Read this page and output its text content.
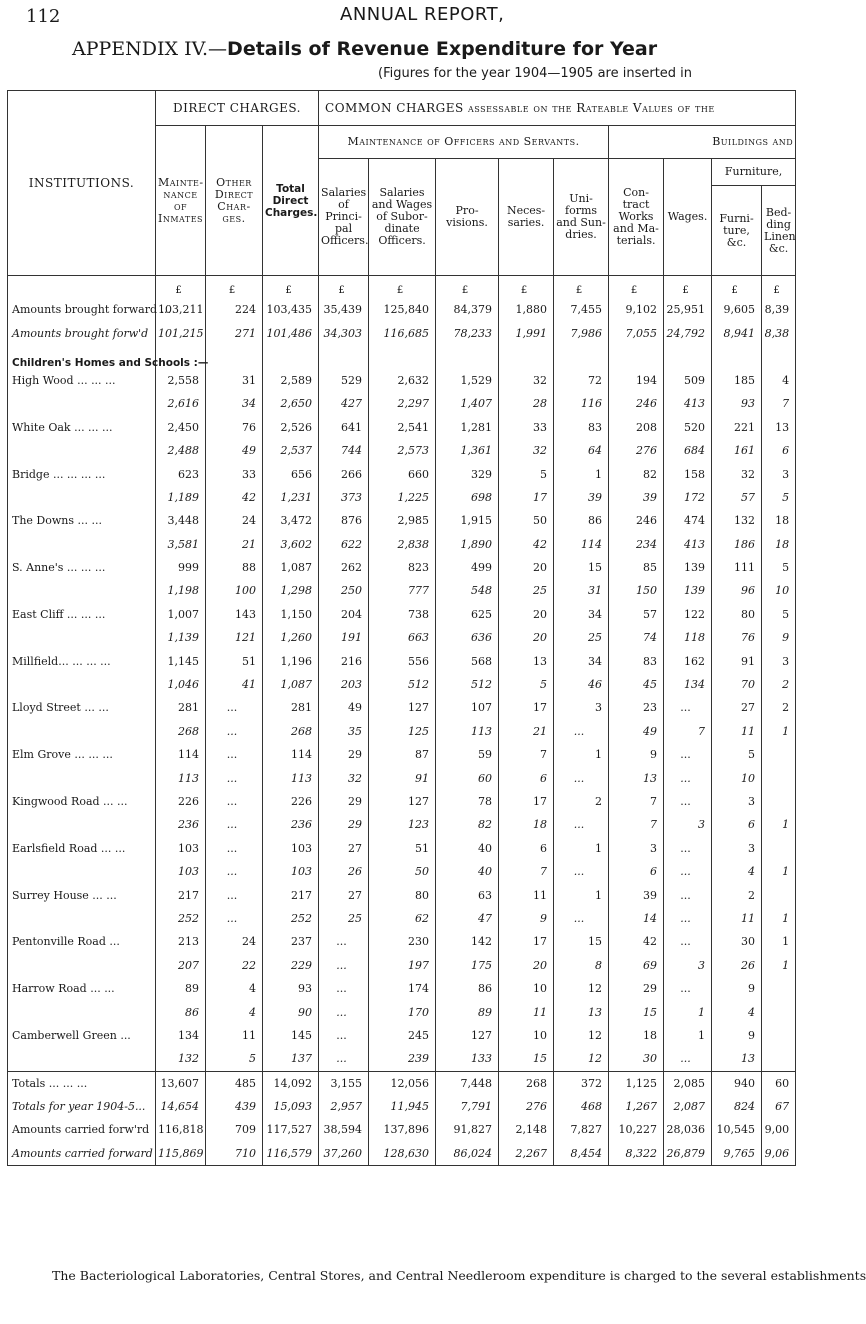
112	ANNUAL REPORT,
APPENDIX IV.—Details of Revenue Expenditure for Year
(Figures for the year 1904—1905 are inserted in
INSTITUTIONS.	DIRECT CHARGES.			COMMON CHARGES assessable on the Rateable Values of the								
	Mainte-nance of Inmates	Other Direct Char-ges.	Total Direct Charges.	Maintenance of Officers and Servants.					Buildings and			
				Salaries of Princi-pal Officers.	Salaries and Wages of Subor-dinate Officers.	Pro-visions.	Neces-saries.	Uni-forms and Sun-dries.	Con-tract Works and Ma-terials.	Wages.	Furniture,	
											Furni-ture, &c.	Bed-ding Linen &c.
	£	£	£	£	£	£	£	£	£	£	£	£
Amounts brought forward ...	103,211	224	103,435	35,439	125,840	84,379	1,880	7,455	9,102	25,951	9,605	8,39
Amounts brought forw'd	101,215	271	101,486	34,303	116,685	78,233	1,991	7,986	7,055	24,792	8,941	8,38
Children's Homes and Schools :—												
High Wood ... ... ...	2,558	31	2,589	529	2,632	1,529	32	72	194	509	185	4
	2,616	34	2,650	427	2,297	1,407	28	116	246	413	93	7
White Oak ... ... ...	2,450	76	2,526	641	2,541	1,281	33	83	208	520	221	13
	2,488	49	2,537	744	2,573	1,361	32	64	276	684	161	6
Bridge ... ... ... ...	623	33	656	266	660	329	5	1	82	158	32	3
	1,189	42	1,231	373	1,225	698	17	39	39	172	57	5
The Downs ... ...	3,448	24	3,472	876	2,985	1,915	50	86	246	474	132	18
	3,581	21	3,602	622	2,838	1,890	42	114	234	413	186	18
S. Anne's ... ... ...	999	88	1,087	262	823	499	20	15	85	139	111	5
	1,198	100	1,298	250	777	548	25	31	150	139	96	10
East Cliff ... ... ...	1,007	143	1,150	204	738	625	20	34	57	122	80	5
	1,139	121	1,260	191	663	636	20	25	74	118	76	9
Millfield... ... ... ...	1,145	51	1,196	216	556	568	13	34	83	162	91	3
	1,046	41	1,087	203	512	512	5	46	45	134	70	2
Lloyd Street ... ...	281	...	281	49	127	107	17	3	23	...	27	2
	268	...	268	35	125	113	21	...	49	7	11	1
Elm Grove ... ... ...	114	...	114	29	87	59	7	1	9	...	5	
	113	...	113	32	91	60	6	...	13	...	10	
Kingwood Road ... ...	226	...	226	29	127	78	17	2	7	...	3	
	236	...	236	29	123	82	18	...	7	3	6	1
Earlsfield Road ... ...	103	...	103	27	51	40	6	1	3	...	3	
	103	...	103	26	50	40	7	...	6	...	4	1
Surrey House ... ...	217	...	217	27	80	63	11	1	39	...	2	
	252	...	252	25	62	47	9	...	14	...	11	1
Pentonville Road ...	213	24	237	...	230	142	17	15	42	...	30	1
	207	22	229	...	197	175	20	8	69	3	26	1
Harrow Road ... ...	89	4	93	...	174	86	10	12	29	...	9	
	86	4	90	...	170	89	11	13	15	1	4	
Camberwell Green ...	134	11	145	...	245	127	10	12	18	1	9	
	132	5	137	...	239	133	15	12	30	...	13	
Totals ... ... ...	13,607	485	14,092	3,155	12,056	7,448	268	372	1,125	2,085	940	60
Totals for year 1904-5...	14,654	439	15,093	2,957	11,945	7,791	276	468	1,267	2,087	824	67
Amounts carried forw'rd	116,818	709	117,527	38,594	137,896	91,827	2,148	7,827	10,227	28,036	10,545	9,00
Amounts carried forward	115,869	710	116,579	37,260	128,630	86,024	2,267	8,454	8,322	26,879	9,765	9,06
The Bacteriological Laboratories, Central Stores, and Central Needleroom expenditure is charged to the several establishments
